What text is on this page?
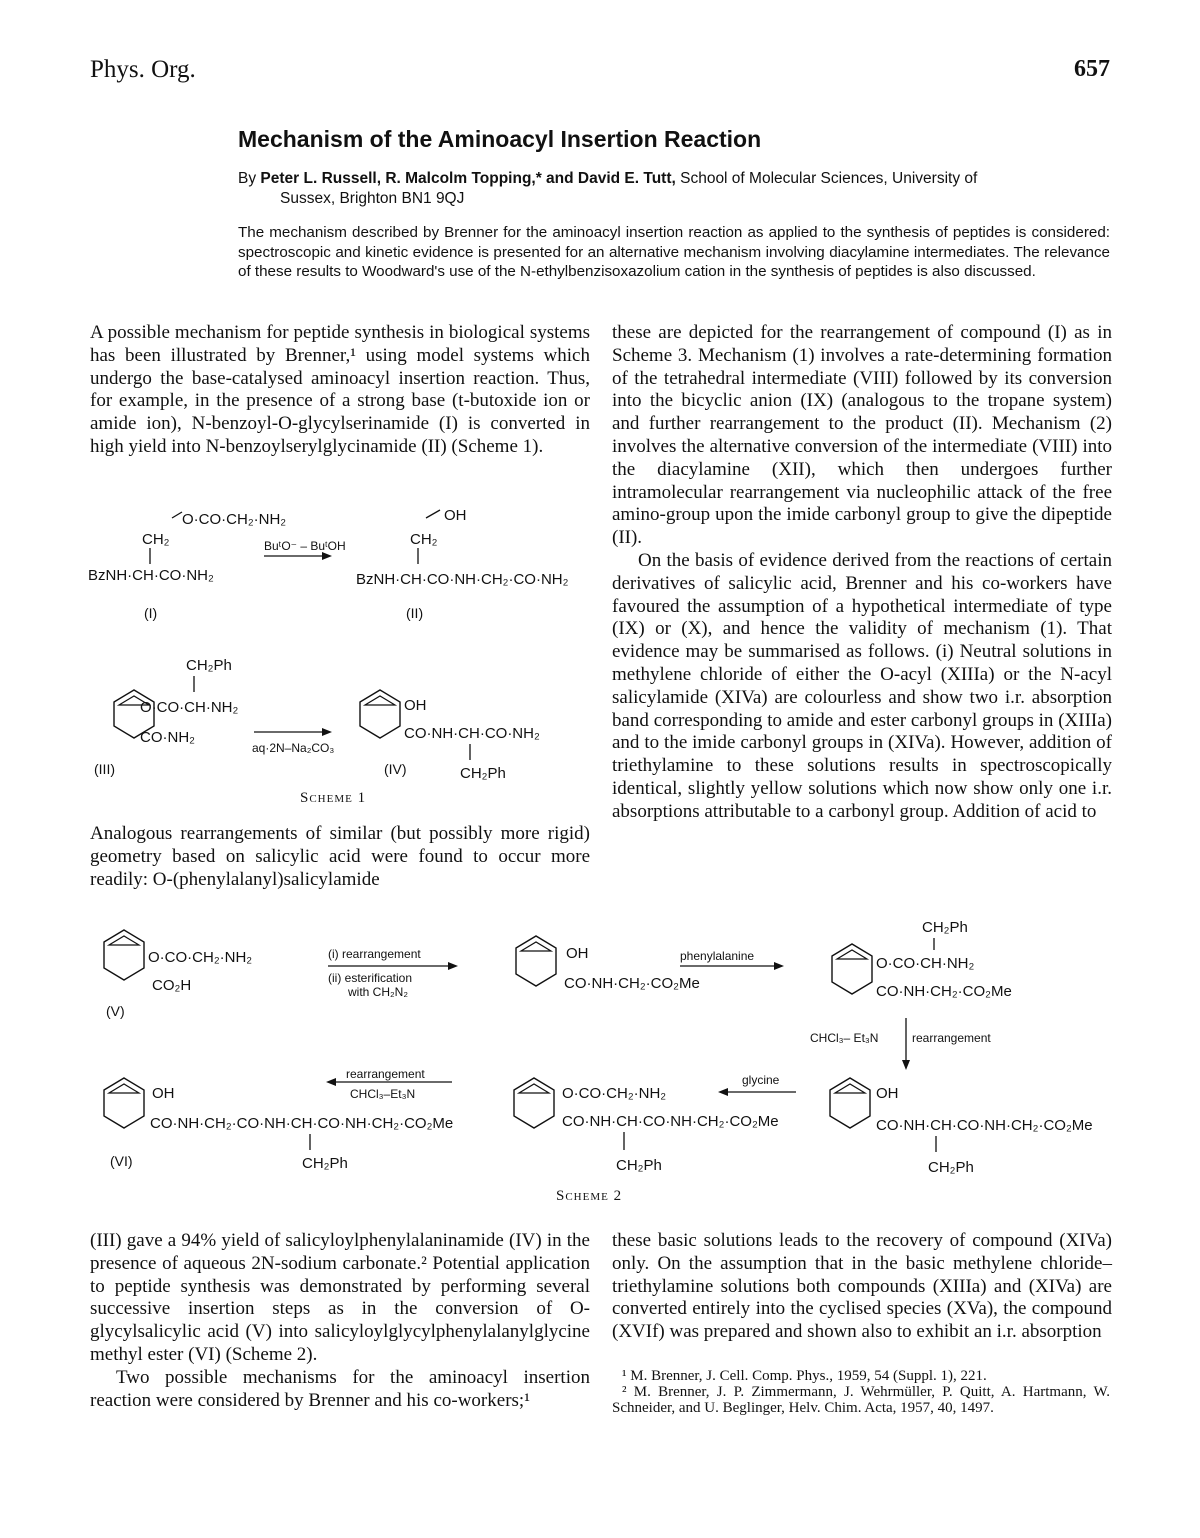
Phys. Org.	657
Mechanism of the Aminoacyl Insertion Reaction
By Peter L. Russell, R. Malcolm Topping,* and David E. Tutt, School of Molecular Sciences, University of
Sussex, Brighton BN1 9QJ
The mechanism described by Brenner for the aminoacyl insertion reaction as applied to the synthesis of peptides is considered: spectroscopic and kinetic evidence is presented for an alternative mechanism involving diacylamine intermediates. The relevance of these results to Woodward's use of the N-ethylbenzisoxazolium cation in the synthesis of peptides is also discussed.

A possible mechanism for peptide synthesis in biological systems has been illustrated by Brenner,¹ using model systems which undergo the base-catalysed aminoacyl insertion reaction. Thus, for example, in the presence of a strong base (t-butoxide ion or amide ion), N-benzoyl-O-glycylserinamide (I) is converted in high yield into N-benzoylserylglycinamide (II) (Scheme 1).

these are depicted for the rearrangement of compound (I) as in Scheme 3. Mechanism (1) involves a rate-determining formation of the tetrahedral intermediate (VIII) followed by its conversion into the bicyclic anion (IX) (analogous to the tropane system) and further rearrangement to the product (II). Mechanism (2) involves the alternative conversion of the intermediate (VIII) into the diacylamine (XII), which then undergoes further intramolecular rearrangement via nucleophilic attack of the free amino-group upon the imide carbonyl group to give the dipeptide (II).

On the basis of evidence derived from the reactions of certain derivatives of salicylic acid, Brenner and his co-workers have favoured the assumption of a hypothetical intermediate of type (IX) or (X), and hence the validity of mechanism (1). That evidence may be summarised as follows. (i) Neutral solutions in methylene chloride of either the O-acyl (XIIIa) or the N-acyl salicylamide (XIVa) are colourless and show two i.r. absorption band corresponding to amide and ester carbonyl groups in (XIIIa) and to the imide carbonyl groups in (XIVa). However, addition of triethylamine to these solutions results in spectroscopically identical, slightly yellow solutions which now show only one i.r. absorptions attributable to a carbonyl group. Addition of acid to

O·CO·CH₂·NH₂
CH₂
BzNH·CH·CO·NH₂
(I)
BuᵗO⁻ – BuᵗOH
OH
CH₂
BzNH·CH·CO·NH·CH₂·CO·NH₂
(II)
CH₂Ph
O·CO·CH·NH₂
CO·NH₂
(III)
aq·2N–Na₂CO₃
OH
CO·NH·CH·CO·NH₂
CH₂Ph
(IV)
Scheme 1

Analogous rearrangements of similar (but possibly more rigid) geometry based on salicylic acid were found to occur more readily: O-(phenylalanyl)salicylamide

O·CO·CH₂·NH₂
CO₂H
(V)
(i) rearrangement
(ii) esterification
with CH₂N₂
OH
CO·NH·CH₂·CO₂Me
phenylalanine
CH₂Ph
O·CO·CH·NH₂
CO·NH·CH₂·CO₂Me
CHCl₃– Et₃N	rearrangement
OH
CO·NH·CH·CO·NH·CH₂·CO₂Me
CH₂Ph
glycine
O·CO·CH₂·NH₂
CO·NH·CH·CO·NH·CH₂·CO₂Me
CH₂Ph
rearrangement
CHCl₃–Et₃N
OH
CO·NH·CH₂·CO·NH·CH·CO·NH·CH₂·CO₂Me
CH₂Ph
(VI)
Scheme 2

(III) gave a 94% yield of salicyloylphenylalaninamide (IV) in the presence of aqueous 2N-sodium carbonate.² Potential application to peptide synthesis was demonstrated by performing several successive insertion steps as in the conversion of O-glycylsalicylic acid (V) into salicyloylglycylphenylalanylglycine methyl ester (VI) (Scheme 2).

Two possible mechanisms for the aminoacyl insertion reaction were considered by Brenner and his co-workers;¹

these basic solutions leads to the recovery of compound (XIVa) only. On the assumption that in the basic methylene chloride–triethylamine solutions both compounds (XIIIa) and (XIVa) are converted entirely into the cyclised species (XVa), the compound (XVIf) was prepared and shown also to exhibit an i.r. absorption

¹ M. Brenner, J. Cell. Comp. Phys., 1959, 54 (Suppl. 1), 221.

² M. Brenner, J. P. Zimmermann, J. Wehrmüller, P. Quitt, A. Hartmann, W. Schneider, and U. Beglinger, Helv. Chim. Acta, 1957, 40, 1497.
